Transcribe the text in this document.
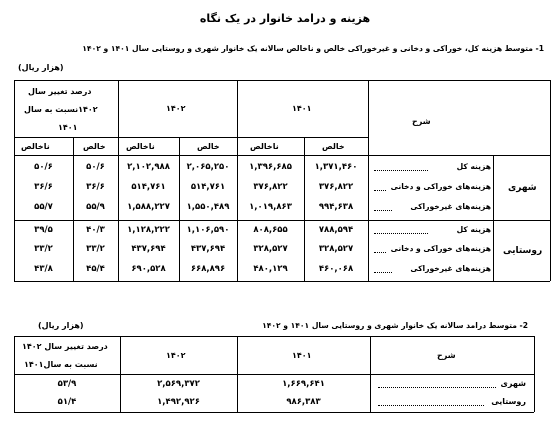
هزینه و درامد خانوار در یک نگاه
1- متوسط هزینه کل، خوراکی و دخانی و غیرخوراکی خالص و ناخالص سالانه یک خانوار شهری و روستایی سال ۱۴۰۱ و ۱۴۰۲
(هزار ریال)
شرح
۱۴۰۱
۱۴۰۲
درصد تغییر سال
۱۴۰۲نسبت به سال
۱۴۰۱
خالص
ناخالص
خالص
ناخالص
خالص
ناخالص
شهری
روستایی
هزینه کل
هزینه‌های خوراکی و دخانی
هزینه‌های غیرخوراکی
هزینه کل
هزینه‌های خوراکی و دخانی
هزینه‌های غیرخوراکی
۱,۳۷۱,۴۶۰
۱,۳۹۶,۶۸۵
۲,۰۶۵,۲۵۰
۲,۱۰۲,۹۸۸
۵۰/۶
۵۰/۶
۳۷۶,۸۲۲
۳۷۶,۸۲۲
۵۱۴,۷۶۱
۵۱۴,۷۶۱
۳۶/۶
۳۶/۶
۹۹۴,۶۳۸
۱,۰۱۹,۸۶۳
۱,۵۵۰,۴۸۹
۱,۵۸۸,۲۲۷
۵۵/۹
۵۵/۷
۷۸۸,۵۹۴
۸۰۸,۶۵۵
۱,۱۰۶,۵۹۰
۱,۱۲۸,۲۲۲
۴۰/۳
۳۹/۵
۳۲۸,۵۲۷
۳۲۸,۵۲۷
۴۳۷,۶۹۴
۴۳۷,۶۹۴
۳۳/۲
۳۳/۲
۴۶۰,۰۶۸
۴۸۰,۱۲۹
۶۶۸,۸۹۶
۶۹۰,۵۲۸
۴۵/۴
۴۳/۸
2- متوسط درامد سالانه یک خانوار شهری و روستایی سال ۱۴۰۱ و ۱۴۰۲
(هزار ریال)
شرح
۱۴۰۱
۱۴۰۲
درصد تغییر سال ۱۴۰۲
نسبت به سال۱۴۰۱
شهری
روستایی
۱,۶۶۹,۶۴۱
۲,۵۶۹,۳۷۲
۵۳/۹
۹۸۶,۳۸۳
۱,۴۹۲,۹۲۶
۵۱/۴
